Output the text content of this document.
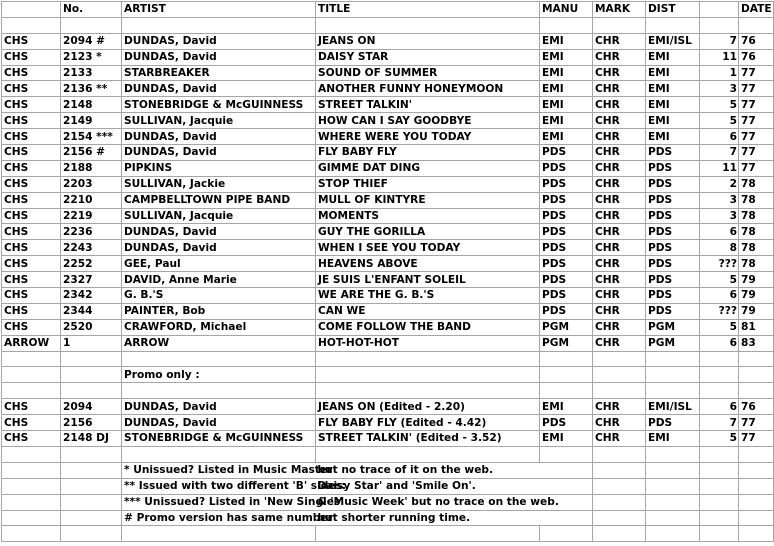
	No.	ARTIST	TITLE	MANU	MARK	DIST		DATE

CHS	2094 #	DUNDAS, David	JEANS ON	EMI	CHR	EMI/ISL	7	76
CHS	2123 *	DUNDAS, David	DAISY STAR	EMI	CHR	EMI	11	76
CHS	2133	STARBREAKER	SOUND OF SUMMER	EMI	CHR	EMI	1	77
CHS	2136 **	DUNDAS, David	ANOTHER FUNNY HONEYMOON	EMI	CHR	EMI	3	77
CHS	2148	STONEBRIDGE & McGUINNESS	STREET TALKIN'	EMI	CHR	EMI	5	77
CHS	2149	SULLIVAN, Jacquie	HOW CAN I SAY GOODBYE	EMI	CHR	EMI	5	77
CHS	2154 ***	DUNDAS, David	WHERE WERE YOU TODAY	EMI	CHR	EMI	6	77
CHS	2156 #	DUNDAS, David	FLY BABY FLY	PDS	CHR	PDS	7	77
CHS	2188	PIPKINS	GIMME DAT DING	PDS	CHR	PDS	11	77
CHS	2203	SULLIVAN, Jackie	STOP THIEF	PDS	CHR	PDS	2	78
CHS	2210	CAMPBELLTOWN PIPE BAND	MULL OF KINTYRE	PDS	CHR	PDS	3	78
CHS	2219	SULLIVAN, Jacquie	MOMENTS	PDS	CHR	PDS	3	78
CHS	2236	DUNDAS, David	GUY THE GORILLA	PDS	CHR	PDS	6	78
CHS	2243	DUNDAS, David	WHEN I SEE YOU TODAY	PDS	CHR	PDS	8	78
CHS	2252	GEE, Paul	HEAVENS ABOVE	PDS	CHR	PDS	???	78
CHS	2327	DAVID, Anne Marie	JE SUIS L'ENFANT SOLEIL	PDS	CHR	PDS	5	79
CHS	2342	G. B.'S	WE ARE THE G. B.'S	PDS	CHR	PDS	6	79
CHS	2344	PAINTER, Bob	CAN WE	PDS	CHR	PDS	???	79
CHS	2520	CRAWFORD, Michael	COME FOLLOW THE BAND	PGM	CHR	PGM	5	81
ARROW	1	ARROW	HOT-HOT-HOT	PGM	CHR	PGM	6	83

		Promo only :						

CHS	2094	DUNDAS, David	JEANS ON (Edited - 2.20)	EMI	CHR	EMI/ISL	6	76
CHS	2156	DUNDAS, David	FLY BABY FLY (Edited - 4.42)	PDS	CHR	PDS	7	77
CHS	2148 DJ	STONEBRIDGE & McGUINNESS	STREET TALKIN' (Edited - 3.52)	EMI	CHR	EMI	5	77

		* Unissued? Listed in Music Master	but no trace of it on the web.					
		** Issued with two different 'B' sides:	Daisy Star' and 'Smile On'.					
		*** Unissued? Listed in 'New Singles'	& 'Music Week' but no trace on the web.					
		# Promo version has same number	but shorter running time.					
